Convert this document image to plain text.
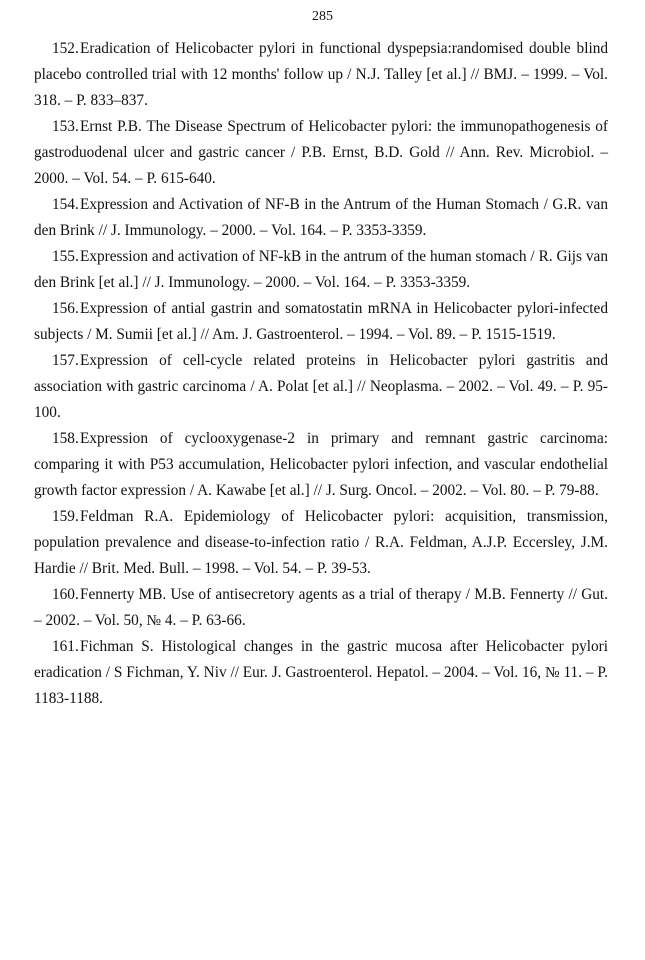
285
152.Eradication of Helicobacter pylori in functional dyspepsia:randomised double blind placebo controlled trial with 12 months' follow up / N.J. Talley [et al.] // BMJ. – 1999. – Vol. 318. – P. 833–837.
153.Ernst P.B. The Disease Spectrum of Helicobacter pylori: the immunopathogenesis of gastroduodenal ulcer and gastric cancer / P.B. Ernst, B.D. Gold // Ann. Rev. Microbiol. – 2000. – Vol. 54. – P. 615-640.
154.Expression and Activation of NF-B in the Antrum of the Human Stomach / G.R. van den Brink // J. Immunology. – 2000. – Vol. 164. – P. 3353-3359.
155.Expression and activation of NF-kB in the antrum of the human stomach / R. Gijs van den Brink [et al.] // J. Immunology. – 2000. – Vol. 164. – P. 3353-3359.
156.Expression of antial gastrin and somatostatin mRNA in Helicobacter pylori-infected subjects / M. Sumii [et al.] // Am. J. Gastroenterol. – 1994. – Vol. 89. – P. 1515-1519.
157.Expression of cell-cycle related proteins in Helicobacter pylori gastritis and association with gastric carcinoma / A. Polat [et al.] // Neoplasma. – 2002. – Vol. 49. – P. 95-100.
158.Expression of cyclooxygenase-2 in primary and remnant gastric carcinoma: comparing it with P53 accumulation, Helicobacter pylori infection, and vascular endothelial growth factor expression / A. Kawabe [et al.] // J. Surg. Oncol. – 2002. – Vol. 80. – P. 79-88.
159.Feldman R.A. Epidemiology of Helicobacter pylori: acquisition, transmission, population prevalence and disease-to-infection ratio / R.A. Feldman, A.J.P. Eccersley, J.M. Hardie // Brit. Med. Bull. – 1998. – Vol. 54. – P. 39-53.
160.Fennerty MB. Use of antisecretory agents as a trial of therapy / M.B. Fennerty // Gut. – 2002. – Vol. 50, № 4. – P. 63-66.
161.Fichman S. Histological changes in the gastric mucosa after Helicobacter pylori eradication / S Fichman, Y. Niv // Eur. J. Gastroenterol. Hepatol. – 2004. – Vol. 16, № 11. – P. 1183-1188.
